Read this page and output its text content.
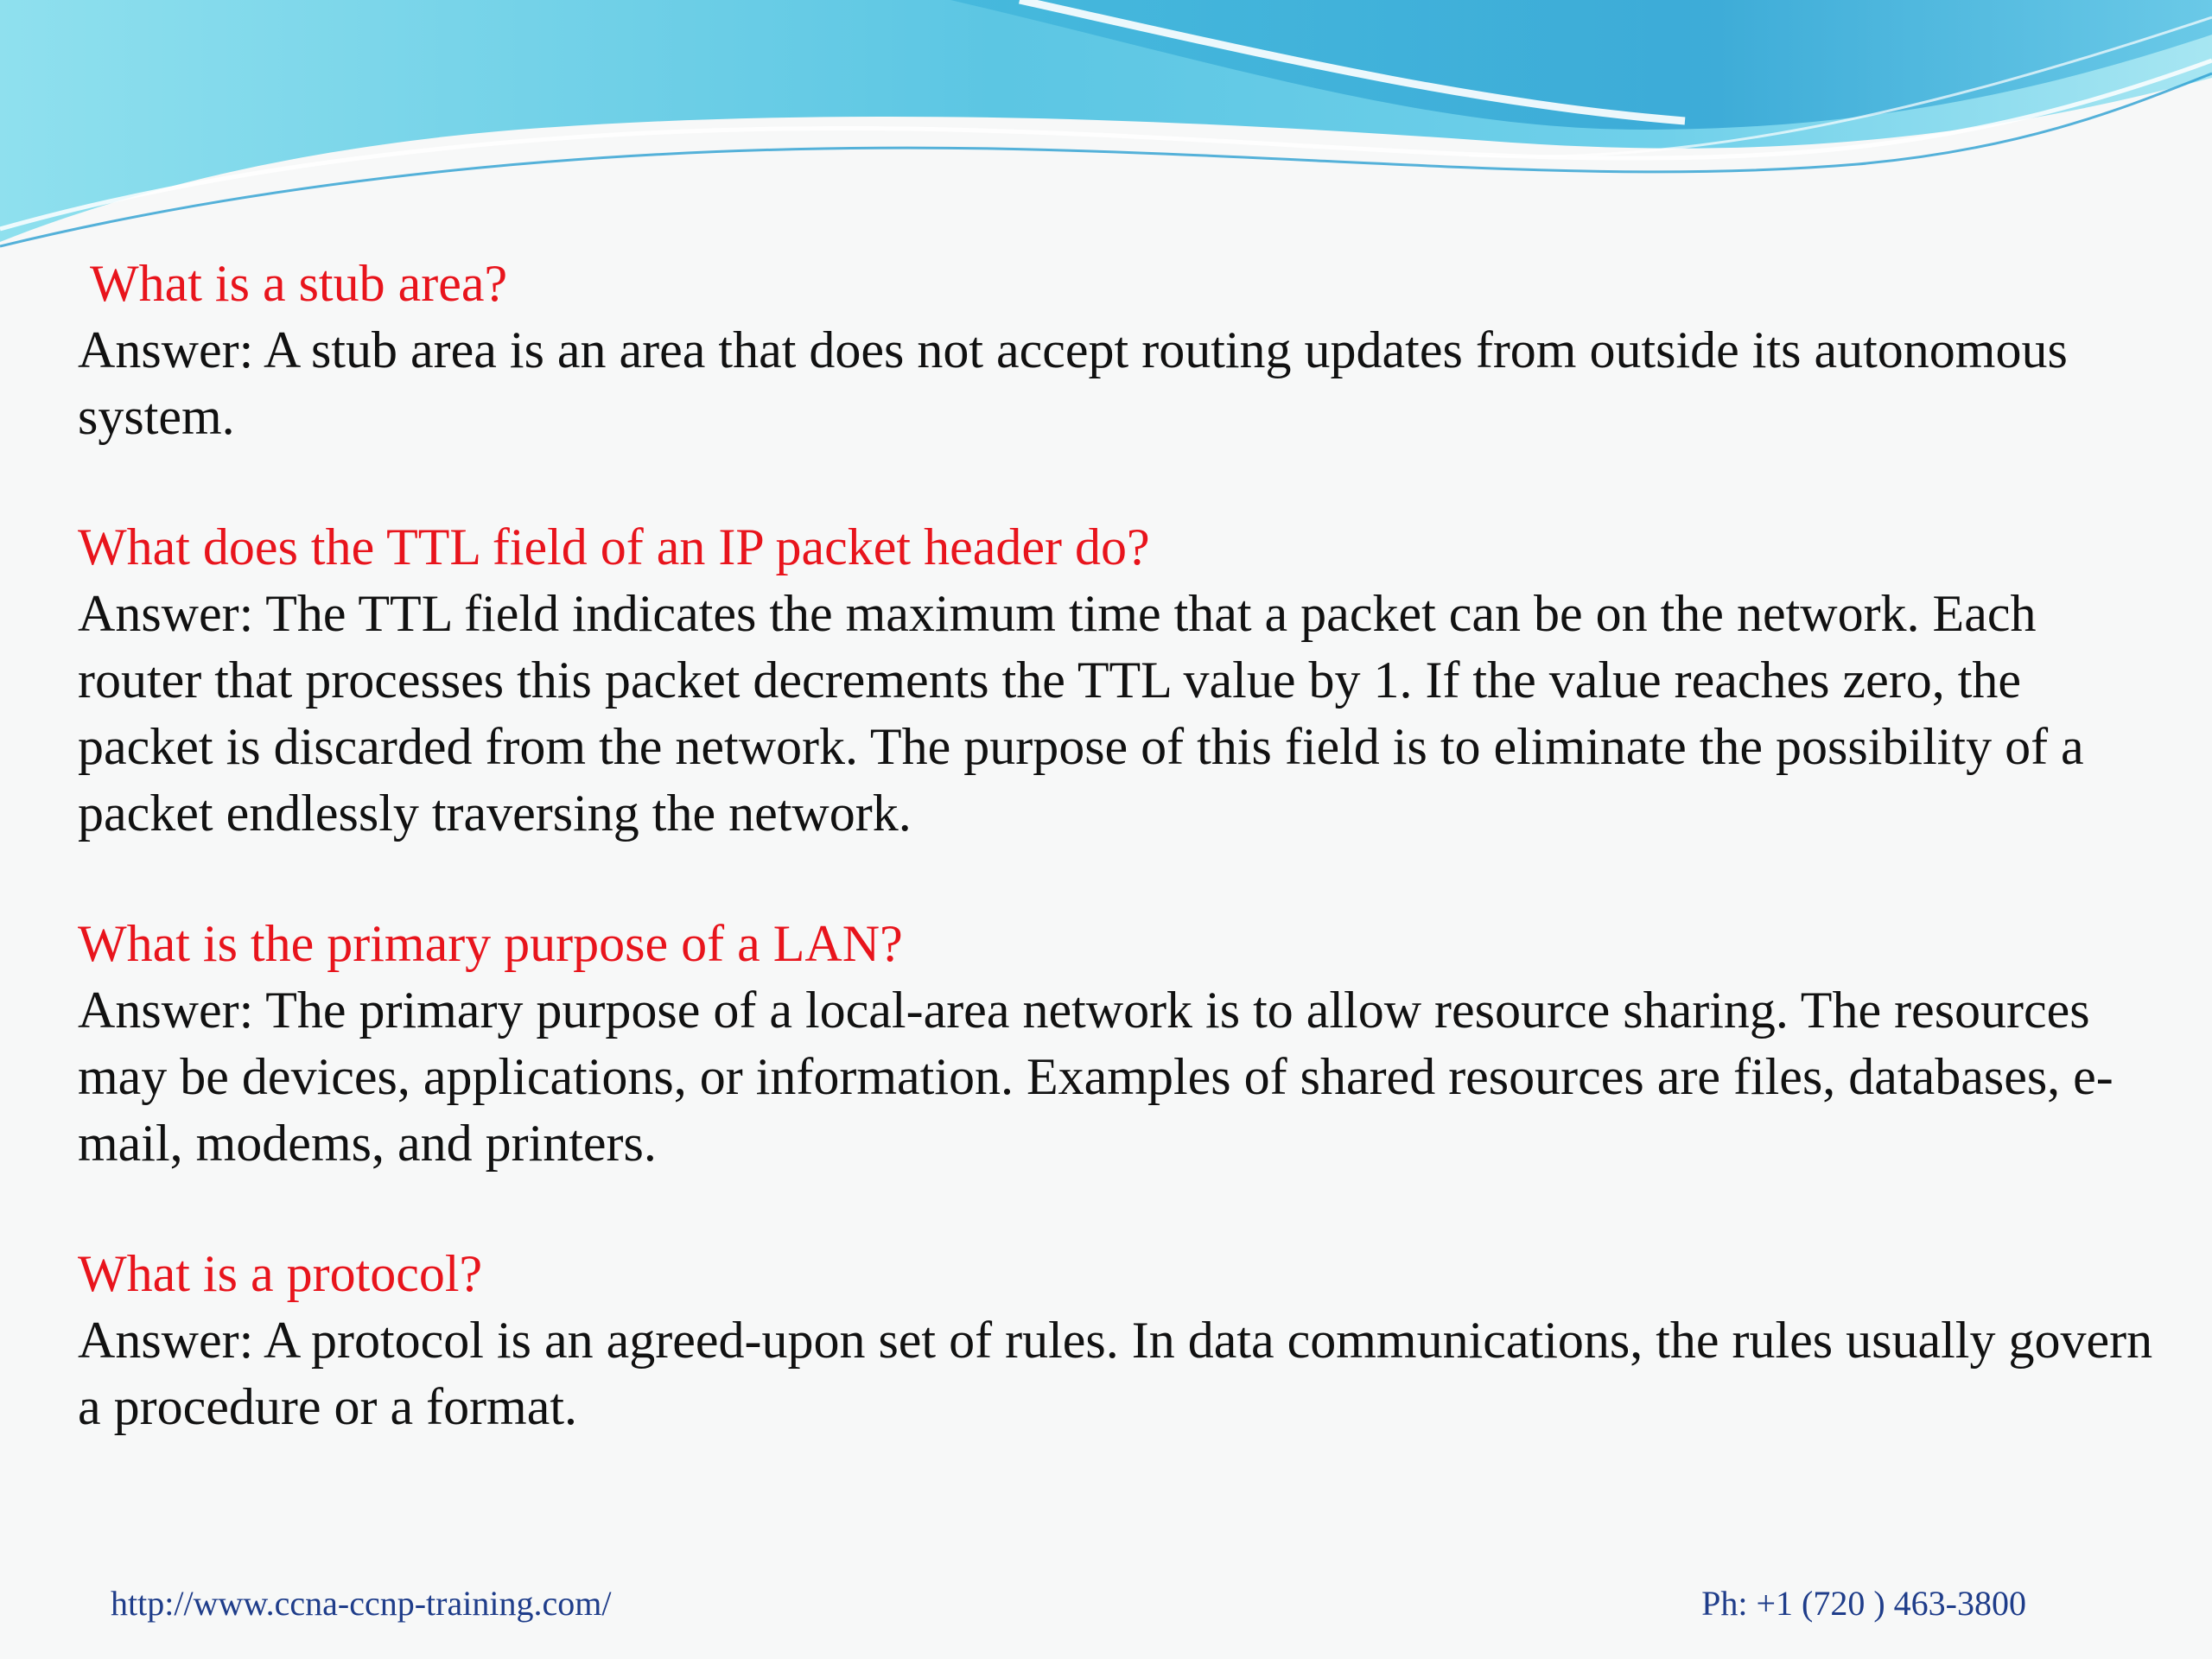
What is a stub area?
Answer: A stub area is an area that does not accept routing updates from outside its autonomous system.
What does the TTL field of an IP packet header do?
Answer: The TTL field indicates the maximum time that a packet can be on the network. Each router that processes this packet decrements the TTL value by 1. If the value reaches zero, the packet is discarded from the network. The purpose of this field is to eliminate the possibility of a packet endlessly traversing the network.
What is the primary purpose of a LAN?
Answer: The primary purpose of a local-area network is to allow resource sharing. The resources may be devices, applications, or information. Examples of shared resources are files, databases, e-mail, modems, and printers.
What is a protocol?
Answer: A protocol is an agreed-upon set of rules. In data communications, the rules usually govern a procedure or a format.
http://www.ccna-ccnp-training.com/	Ph: +1 (720 ) 463-3800
